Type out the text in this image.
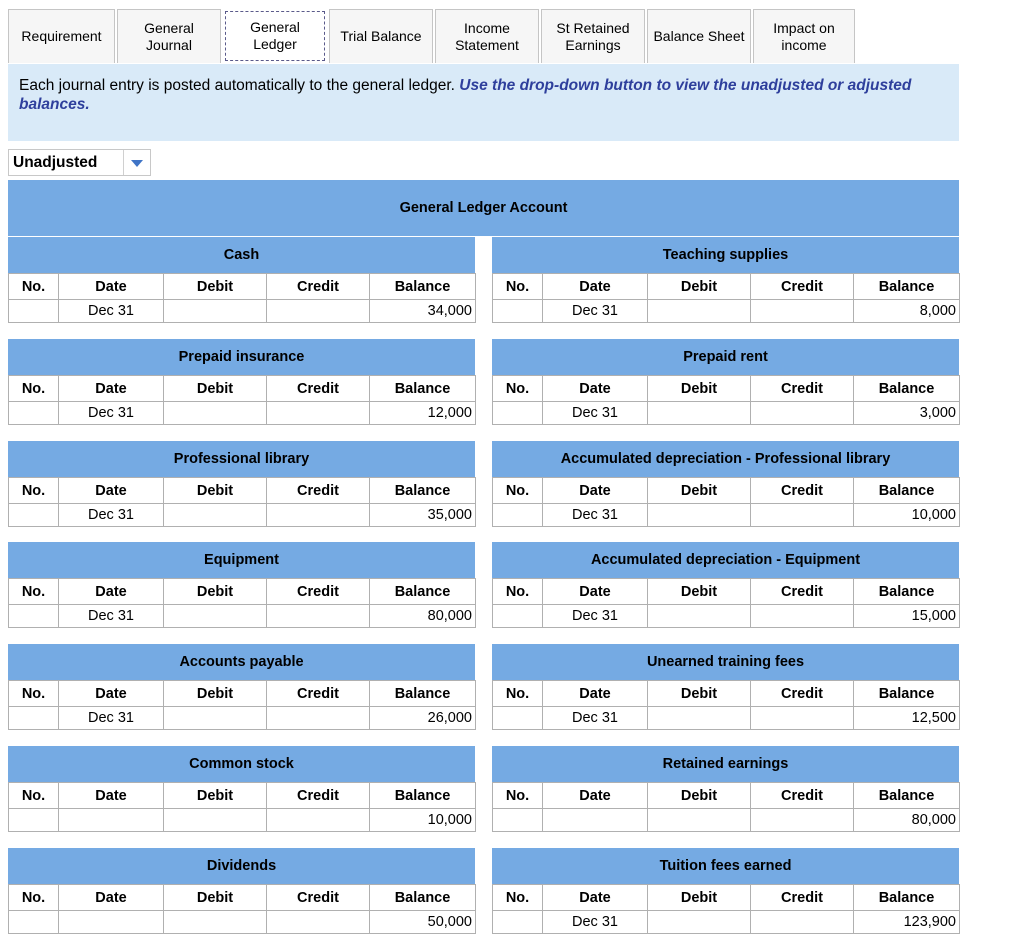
Requirement
General
Journal
General
Ledger	Trial Balance
Income
Statement
St Retained
Earnings
Balance Sheet
Impact on
income
Each journal entry is posted automatically to the general ledger. Use the drop-down button to view the unadjusted or adjusted balances.
Unadjusted
General Ledger Account
Cash
No.	Date	Debit	Credit	Balance
	Dec 31			34,000
Teaching supplies
No.	Date	Debit	Credit	Balance
	Dec 31			8,000
Prepaid insurance
No.	Date	Debit	Credit	Balance
	Dec 31			12,000
Prepaid rent
No.	Date	Debit	Credit	Balance
	Dec 31			3,000
Professional library
No.	Date	Debit	Credit	Balance
	Dec 31			35,000
Accumulated depreciation - Professional library
No.	Date	Debit	Credit	Balance
	Dec 31			10,000
Equipment
No.	Date	Debit	Credit	Balance
	Dec 31			80,000
Accumulated depreciation - Equipment
No.	Date	Debit	Credit	Balance
	Dec 31			15,000
Accounts payable
No.	Date	Debit	Credit	Balance
	Dec 31			26,000
Unearned training fees
No.	Date	Debit	Credit	Balance
	Dec 31			12,500
Common stock
No.	Date	Debit	Credit	Balance
				10,000
Retained earnings
No.	Date	Debit	Credit	Balance
				80,000
Dividends
No.	Date	Debit	Credit	Balance
				50,000
Tuition fees earned
No.	Date	Debit	Credit	Balance
	Dec 31			123,900
